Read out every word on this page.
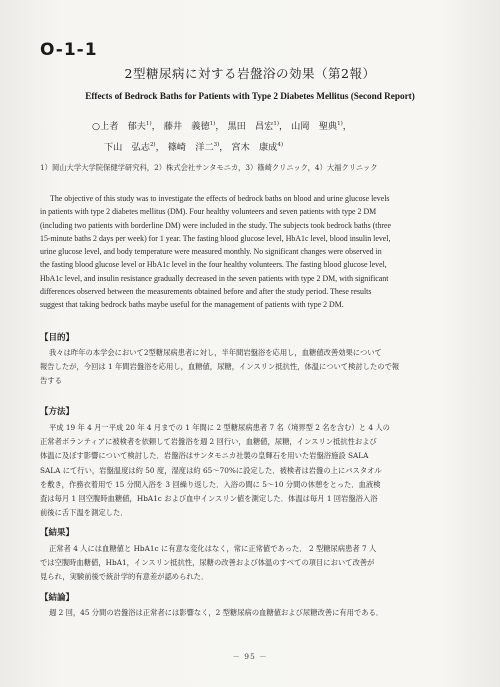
O-1-1
2型糖尿病に対する岩盤浴の効果（第2報）
Effects of Bedrock Baths for Patients with Type 2 Diabetes Mellitus (Second Report)
○上者　郁夫$^{1)}$， 藤井　義徳$^{1)}$， 黒田　昌宏$^{1)}$， 山岡　聖典$^{1)}$，
下山　弘志$^{2)}$， 篠崎　洋二$^{3)}$， 宮木　康成$^{4)}$
1）岡山大学大学院保健学研究科，2）株式会社サンタモニカ，3）篠崎クリニック，4）大福クリニック
The objective of this study was to investigate the effects of bedrock baths on blood and urine glucose levels
in patients with type 2 diabetes mellitus (DM). Four healthy volunteers and seven patients with type 2 DM
(including two patients with borderline DM) were included in the study. The subjects took bedrock baths (three
15-minute baths 2 days per week) for 1 year. The fasting blood glucose level, HbA1c level, blood insulin level,
urine glucose level, and body temperature were measured monthly. No significant changes were observed in
the fasting blood glucose level or HbA1c level in the four healthy volunteers. The fasting blood glucose level,
HbA1c level, and insulin resistance gradually decreased in the seven patients with type 2 DM, with significant
differences observed between the measurements obtained before and after the study period. These results
suggest that taking bedrock baths maybe useful for the management of patients with type 2 DM.
【目的】
我々は昨年の本学会において2型糖尿病患者に対し，半年間岩盤浴を応用し，血糖値改善効果について
報告したが，今回は 1 年間岩盤浴を応用し，血糖値，尿糖，インスリン抵抗性，体温について検討したので報
告する
【方法】
平成 19 年 4 月一平成 20 年 4 月までの 1 年間に 2 型糖尿病患者 7 名（境界型 2 名を含む）と 4 人の
正常者ボランティアに被検者を依頼して岩盤浴を週 2 回行い，血糖値，尿糖，インスリン抵抗性および
体温に及ぼす影響について検討した．岩盤浴はサンタモニカ社製の皇輝石を用いた岩盤浴施設 SALA
SALA にて行い，岩盤温度は約 50 度，湿度は約 65～70%に設定した．被検者は岩盤の上にバスタオル
を敷き，作務衣着用で 15 分間入浴を 3 回繰り返した．入浴の間に 5～10 分間の休憩をとった．血液検
査は毎月 1 回空腹時血糖値，HbA1c および血中インスリン値を測定した．体温は毎月 1 回岩盤浴入浴
前後に舌下温を測定した．
【結果】
正常者 4 人には血糖値と HbA1c に有意な変化はなく，常に正常値であった． 2 型糖尿病患者 7 人
では空腹時血糖値，HbA1，インスリン抵抗性，尿糖の改善および体温のすべての項目において改善が
見られ，実験前後で統計学的有意差が認められた．
【結論】
週 2 回，45 分間の岩盤浴は正常者には影響なく，2 型糖尿病の血糖値および尿糖改善に有用である．
－ 95 －
